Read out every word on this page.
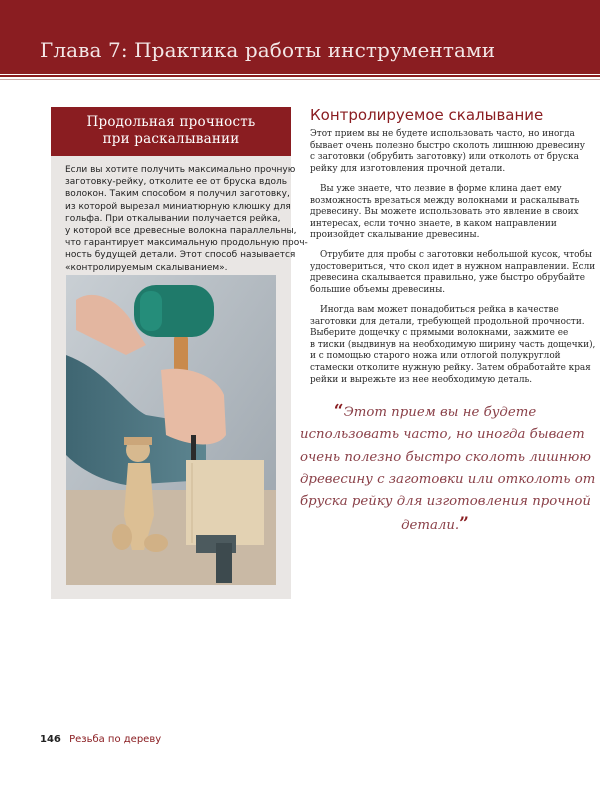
Глава 7: Практика работы инструментами
Продольная прочность
при раскалывании
Если вы хотите получить максимально прочную
заготовку-рейку, отколите ее от бруска вдоль
волокон. Таким способом я получил заготовку,
из которой вырезал миниатюрную клюшку для
гольфа. При откалывании получается рейка,
у которой все древесные волокна параллельны,
что гарантирует максимальную продольную проч-
ность будущей детали. Этот способ называется
«контролируемым скалыванием».
Контролируемое скалывание
Этот прием вы не будете использовать часто, но иногда
бывает очень полезно быстро сколоть лишнюю древесину
с заготовки (обрубить заготовку) или отколоть от бруска
рейку для изготовления прочной детали.
Вы уже знаете, что лезвие в форме клина дает ему
возможность врезаться между волокнами и раскалывать
древесину. Вы можете использовать это явление в своих
интересах, если точно знаете, в каком направлении
произойдет скалывание древесины.
Отрубите для пробы с заготовки небольшой кусок, чтобы
удостовериться, что скол идет в нужном направлении. Если
древесина скалывается правильно, уже быстро обрубайте
большие объемы древесины.
Иногда вам может понадобиться рейка в качестве
заготовки для детали, требующей продольной прочности.
Выберите дощечку с прямыми волокнами, зажмите ее
в тиски (выдвинув на необходимую ширину часть дощечки),
и с помощью старого ножа или отлогой полукруглой
стамески отколите нужную рейку. Затем обработайте края
рейки и вырежьте из нее необходимую деталь.
“Этот прием вы не будете
использовать часто, но иногда бывает
очень полезно быстро сколоть лишнюю
древесину с заготовки или отколоть от
бруска рейку для изготовления прочной
детали.”
146 Резьба по дереву
